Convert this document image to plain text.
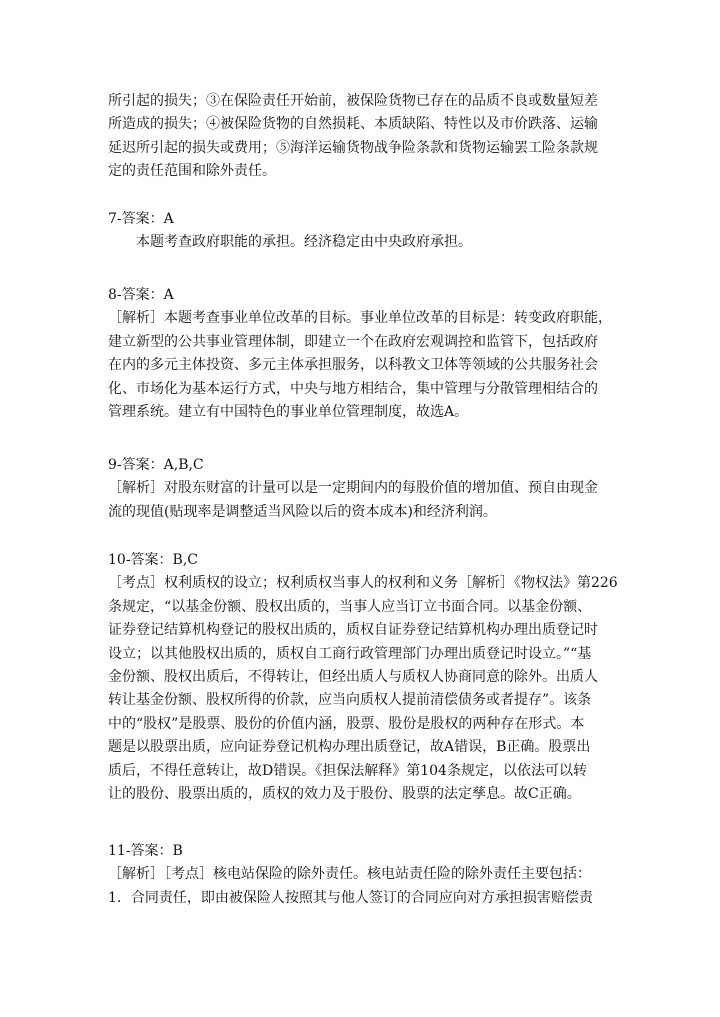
所引起的损失；③在保险责任开始前，被保险货物已存在的品质不良或数量短差
所造成的损失；④被保险货物的自然损耗、本质缺陷、特性以及市价跌落、运输
延迟所引起的损失或费用；⑤海洋运输货物战争险条款和货物运输罢工险条款规
定的责任范围和除外责任。
7-答案：A
本题考查政府职能的承担。经济稳定由中央政府承担。
8-答案：A
［解析］本题考查事业单位改革的目标。事业单位改革的目标是：转变政府职能，
建立新型的公共事业管理体制，即建立一个在政府宏观调控和监管下，包括政府
在内的多元主体投资、多元主体承担服务，以科教文卫体等领域的公共服务社会
化、市场化为基本运行方式，中央与地方相结合，集中管理与分散管理相结合的
管理系统。建立有中国特色的事业单位管理制度，故选A。
9-答案：A,B,C
［解析］对股东财富的计量可以是一定期间内的每股价值的增加值、预自由现金
流的现值(贴现率是调整适当风险以后的资本成本)和经济利润。
10-答案：B,C
［考点］权利质权的设立；权利质权当事人的权利和义务［解析］《物权法》第226
条规定，“以基金份额、股权出质的，当事人应当订立书面合同。以基金份额、
证券登记结算机构登记的股权出质的，质权自证券登记结算机构办理出质登记时
设立；以其他股权出质的，质权自工商行政管理部门办理出质登记时设立。”“基
金份额、股权出质后，不得转让，但经出质人与质权人协商同意的除外。出质人
转让基金份额、股权所得的价款，应当向质权人提前清偿债务或者提存”。该条
中的“股权”是股票、股份的价值内涵，股票、股份是股权的两种存在形式。本
题是以股票出质，应向证券登记机构办理出质登记，故A错误，B正确。股票出
质后，不得任意转让，故D错误。《担保法解释》第104条规定，以依法可以转
让的股份、股票出质的，质权的效力及于股份、股票的法定孳息。故C正确。
11-答案：B
［解析］［考点］核电站保险的除外责任。核电站责任险的除外责任主要包括：
1．合同责任，即由被保险人按照其与他人签订的合同应向对方承担损害赔偿责
